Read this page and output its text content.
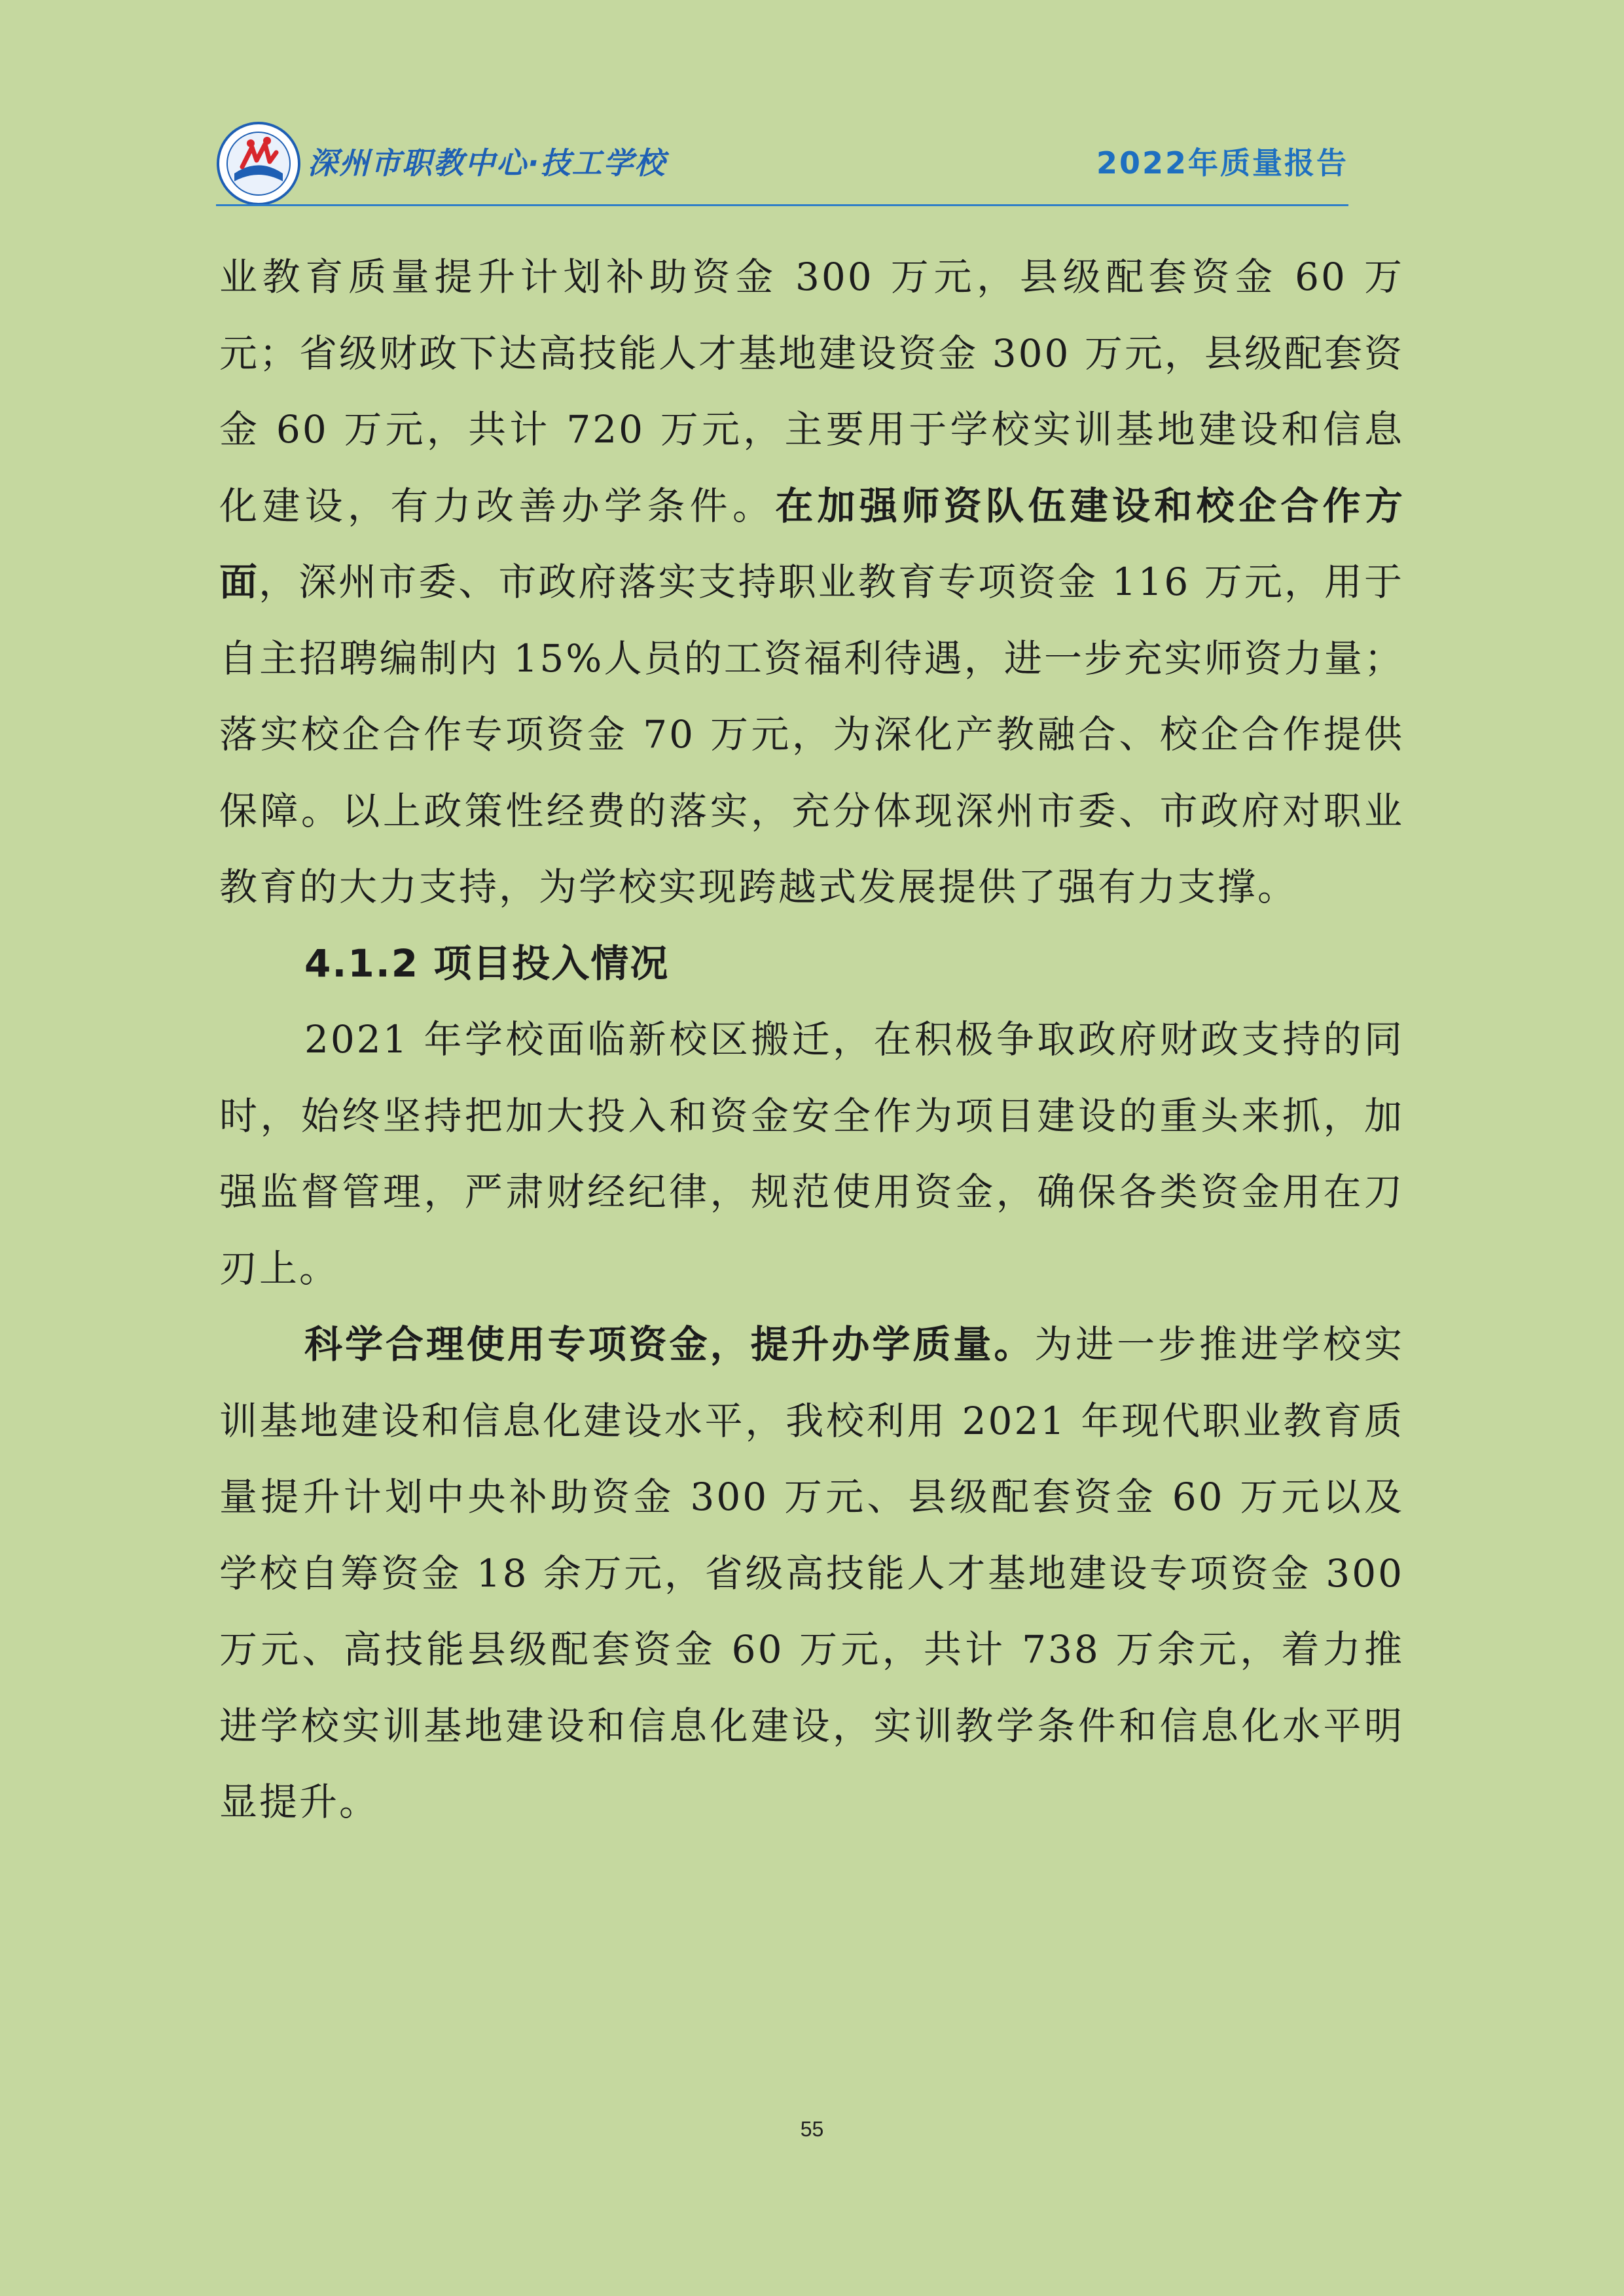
深州市职教中心·技工学校	2022年质量报告

业教育质量提升计划补助资金 300 万元，县级配套资金 60 万元；省级财政下达高技能人才基地建设资金 300 万元，县级配套资金 60 万元，共计 720 万元，主要用于学校实训基地建设和信息化建设，有力改善办学条件。在加强师资队伍建设和校企合作方面，深州市委、市政府落实支持职业教育专项资金 116 万元，用于自主招聘编制内 15%人员的工资福利待遇，进一步充实师资力量；落实校企合作专项资金 70 万元，为深化产教融合、校企合作提供保障。以上政策性经费的落实，充分体现深州市委、市政府对职业教育的大力支持，为学校实现跨越式发展提供了强有力支撑。

4.1.2 项目投入情况

2021 年学校面临新校区搬迁，在积极争取政府财政支持的同时，始终坚持把加大投入和资金安全作为项目建设的重头来抓，加强监督管理，严肃财经纪律，规范使用资金，确保各类资金用在刀刃上。

科学合理使用专项资金，提升办学质量。为进一步推进学校实训基地建设和信息化建设水平，我校利用 2021 年现代职业教育质量提升计划中央补助资金 300 万元、县级配套资金 60 万元以及学校自筹资金 18 余万元，省级高技能人才基地建设专项资金 300 万元、高技能县级配套资金 60 万元，共计 738 万余元，着力推进学校实训基地建设和信息化建设，实训教学条件和信息化水平明显提升。

55
